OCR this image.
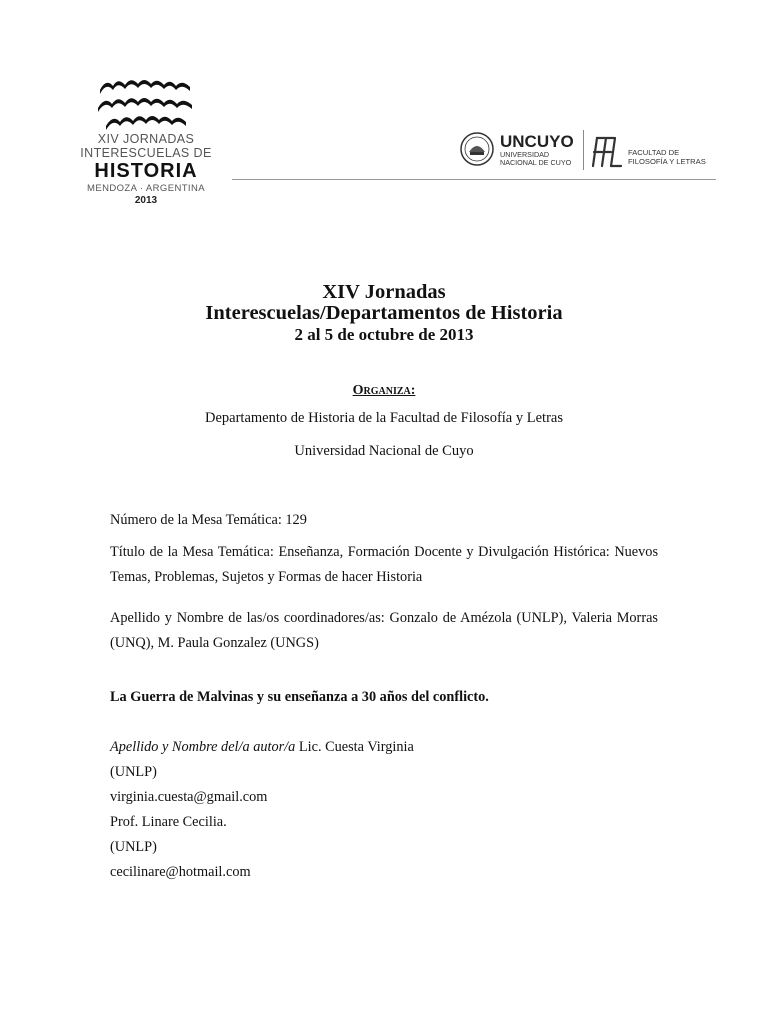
XIV JORNADAS
INTERESCUELAS DE
HISTORIA
MENDOZA · ARGENTINA
2013
UNCUYO
UNIVERSIDAD
NACIONAL DE CUYO
FACULTAD DE
FILOSOFÍA Y LETRAS
XIV Jornadas
Interescuelas/Departamentos de Historia
2 al 5 de octubre de 2013
Organiza:
Departamento de Historia de la Facultad de Filosofía y Letras
Universidad Nacional de Cuyo
Número de la Mesa Temática: 129
Título de la Mesa Temática: Enseñanza, Formación Docente y Divulgación Histórica: Nuevos Temas, Problemas, Sujetos y Formas de hacer Historia
Apellido y Nombre de las/os coordinadores/as: Gonzalo de Amézola (UNLP), Valeria Morras (UNQ), M. Paula Gonzalez (UNGS)
La Guerra de Malvinas y su enseñanza a 30 años del conflicto.
Apellido y Nombre del/a autor/a Lic. Cuesta Virginia
(UNLP)
virginia.cuesta@gmail.com
Prof. Linare Cecilia.
(UNLP)
cecilinare@hotmail.com
